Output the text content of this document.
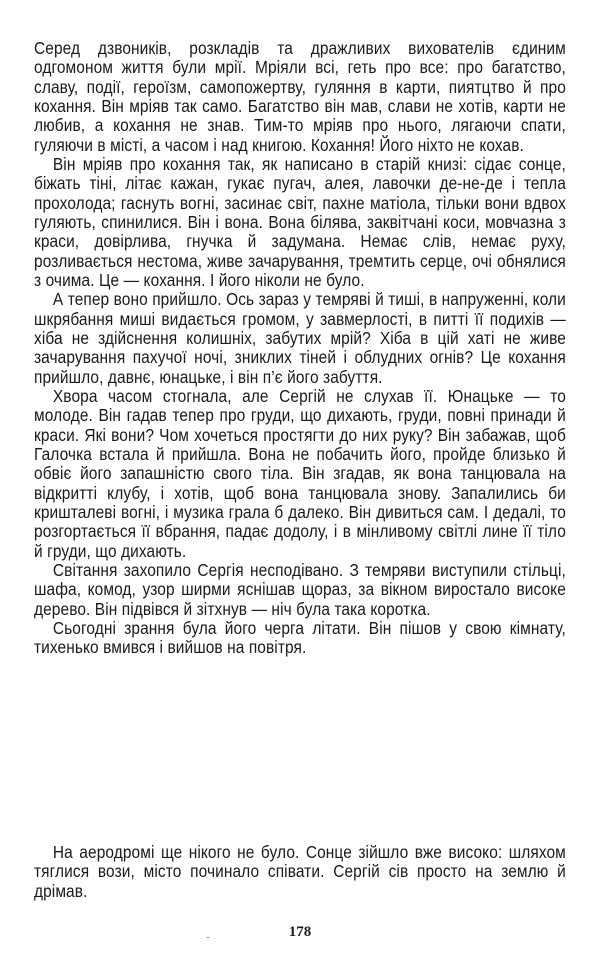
Серед дзвоників, розкладів та дражливих вихователів єдиним одгомоном життя були мрії. Мріяли всі, геть про все: про багатство, славу, події, героїзм, самопожертву, гуляння в карти, пиятцтво й про кохання. Він мріяв так само. Багатство він мав, слави не хотів, карти не любив, а кохання не знав. Тим-то мріяв про нього, лягаючи спати, гуляючи в місті, а часом і над книгою. Кохання! Його ніхто не кохав.

Він мріяв про кохання так, як написано в старій книзі: сідає сонце, біжать тіні, літає кажан, гукає пугач, алея, лавочки де-не-де і тепла прохолода; гаснуть вогні, засинає світ, пахне матіола, тільки вони вдвох гуляють, спинилися. Він і вона. Вона білява, заквітчані коси, мовчазна з краси, довірлива, гнучка й задумана. Немає слів, немає руху, розливається нестома, живе зачарування, тремтить серце, очі обнялися з очима. Це — кохання. І його ніколи не було.

А тепер воно прийшло. Ось зараз у темряві й тиші, в напруженні, коли шкрябання миші видається громом, у завмерлості, в питті її подихів — хіба не здійснення колишніх, забутих мрій? Хіба в цій хаті не живе зачарування пахучої ночі, зниклих тіней і облудних огнів? Це кохання прийшло, давнє, юнацьке, і він п’є його забуття.

Хвора часом стогнала, але Сергій не слухав її. Юнацьке — то молоде. Він гадав тепер про груди, що дихають, груди, повні принади й краси. Які вони? Чом хочеться простягти до них руку? Він забажав, щоб Галочка встала й прийшла. Вона не побачить його, пройде близько й обвіє його запашністю свого тіла. Він згадав, як вона танцювала на відкритті клубу, і хотів, щоб вона танцювала знову. Запалились би кришталеві вогні, і музика грала б далеко. Він дивиться сам. І дедалі, то розгортається її вбрання, падає додолу, і в мінливому світлі лине її тіло й груди, що дихають.

Світання захопило Сергія несподівано. З темряви виступили стільці, шафа, комод, узор ширми яснішав щораз, за вікном виростало високе дерево. Він підвівся й зітхнув — ніч була така коротка.

Сьогодні зрання була його черга літати. Він пішов у свою кімнату, тихенько вмився і вийшов на повітря.

На аеродромі ще нікого не було. Сонце зійшло вже високо: шляхом тяглися вози, місто починало співати. Сергій сів просто на землю й дрімав.

178
